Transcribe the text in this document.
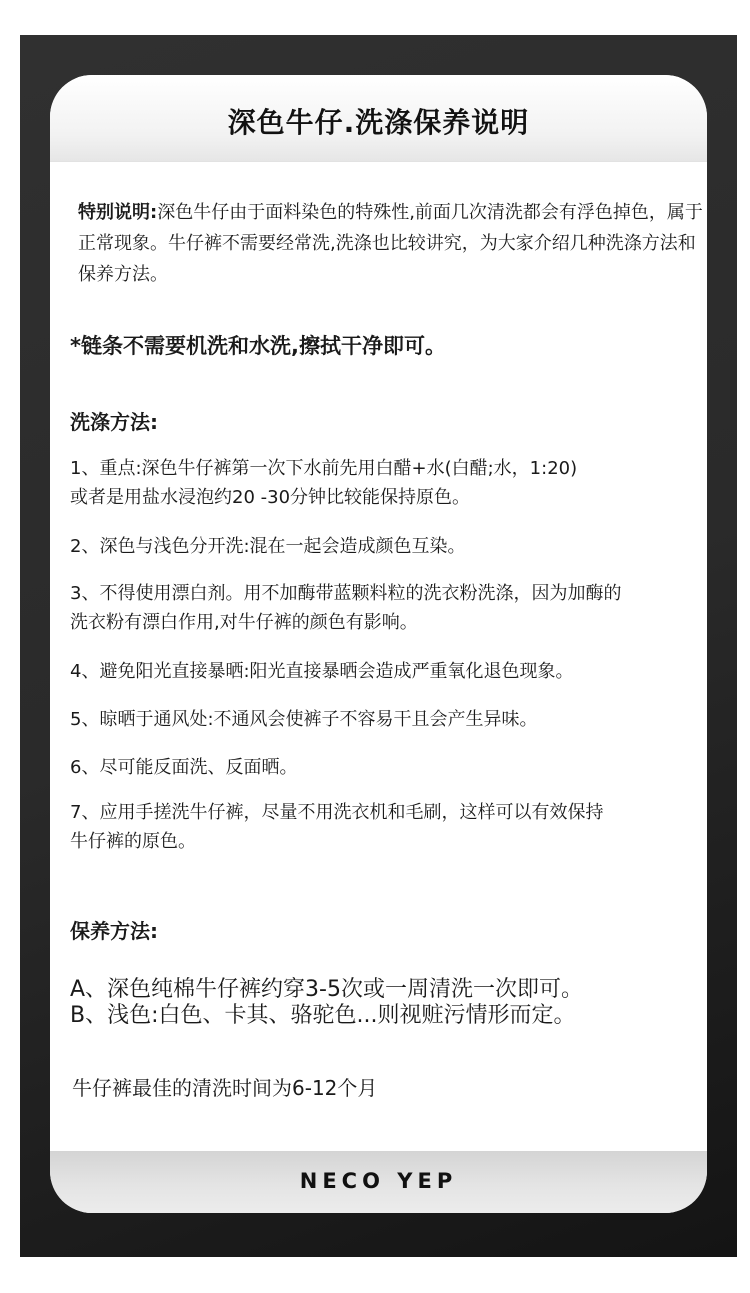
深色牛仔.洗涤保养说明
NECO YEP
特别说明:深色牛仔由于面料染色的特殊性,前面几次清洗都会有浮色掉色，属于正常现象。牛仔裤不需要经常洗,洗涤也比较讲究，为大家介绍几种洗涤方法和保养方法。
*链条不需要机洗和水洗,擦拭干净即可。
洗涤方法:
1、重点:深色牛仔裤第一次下水前先用白醋+水(白醋;水，1:20)
或者是用盐水浸泡约20 -30分钟比较能保持原色。
2、深色与浅色分开洗:混在一起会造成颜色互染。
3、不得使用漂白剂。用不加酶带蓝颗料粒的洗衣粉洗涤，因为加酶的
洗衣粉有漂白作用,对牛仔裤的颜色有影响。
4、避免阳光直接暴晒:阳光直接暴晒会造成严重氧化退色现象。
5、晾晒于通风处:不通风会使裤子不容易干且会产生异味。
6、尽可能反面洗、反面晒。
7、应用手搓洗牛仔裤，尽量不用洗衣机和毛刷，这样可以有效保持
牛仔裤的原色。
保养方法:
A、深色纯棉牛仔裤约穿3-5次或一周清洗一次即可。
B、浅色:白色、卡其、骆驼色...则视赃污情形而定。
牛仔裤最佳的清洗时间为6-12个月
